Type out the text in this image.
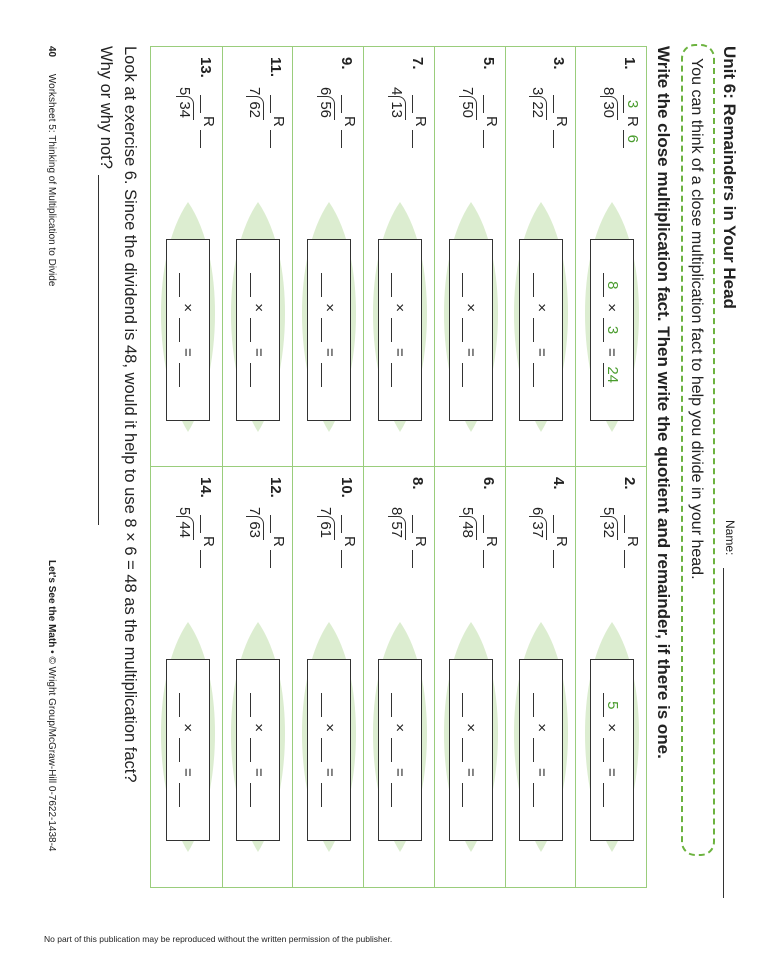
Unit 6: Remainders in Your Head
Name:
You can think of a close multiplication fact to help you divide in your head.
Write the close multiplication fact. Then write the quotient and remainder, if there is one.
1.
3R6
830
8
×
3
=
24
2.
R
532
5
×
=
3.
R
322
×
=
4.
R
637
×
=
5.
R
750
×
=
6.
R
548
×
=
7.
R
413
×
=
8.
R
857
×
=
9.
R
656
×
=
10.
R
761
×
=
11.
R
762
×
=
12.
R
763
×
=
13.
R
534
×
=
14.
R
544
×
=
Look at exercise 6. Since the dividend is 48, would it help to use 8 × 6 = 48 as the multiplication fact?
Why or why not?
40 Worksheet 5: Thinking of Multiplication to Divide
Let's See the Math • © Wright Group/McGraw-Hill 0-7622-1438-4
No part of this publication may be reproduced without the written permission of the publisher.
